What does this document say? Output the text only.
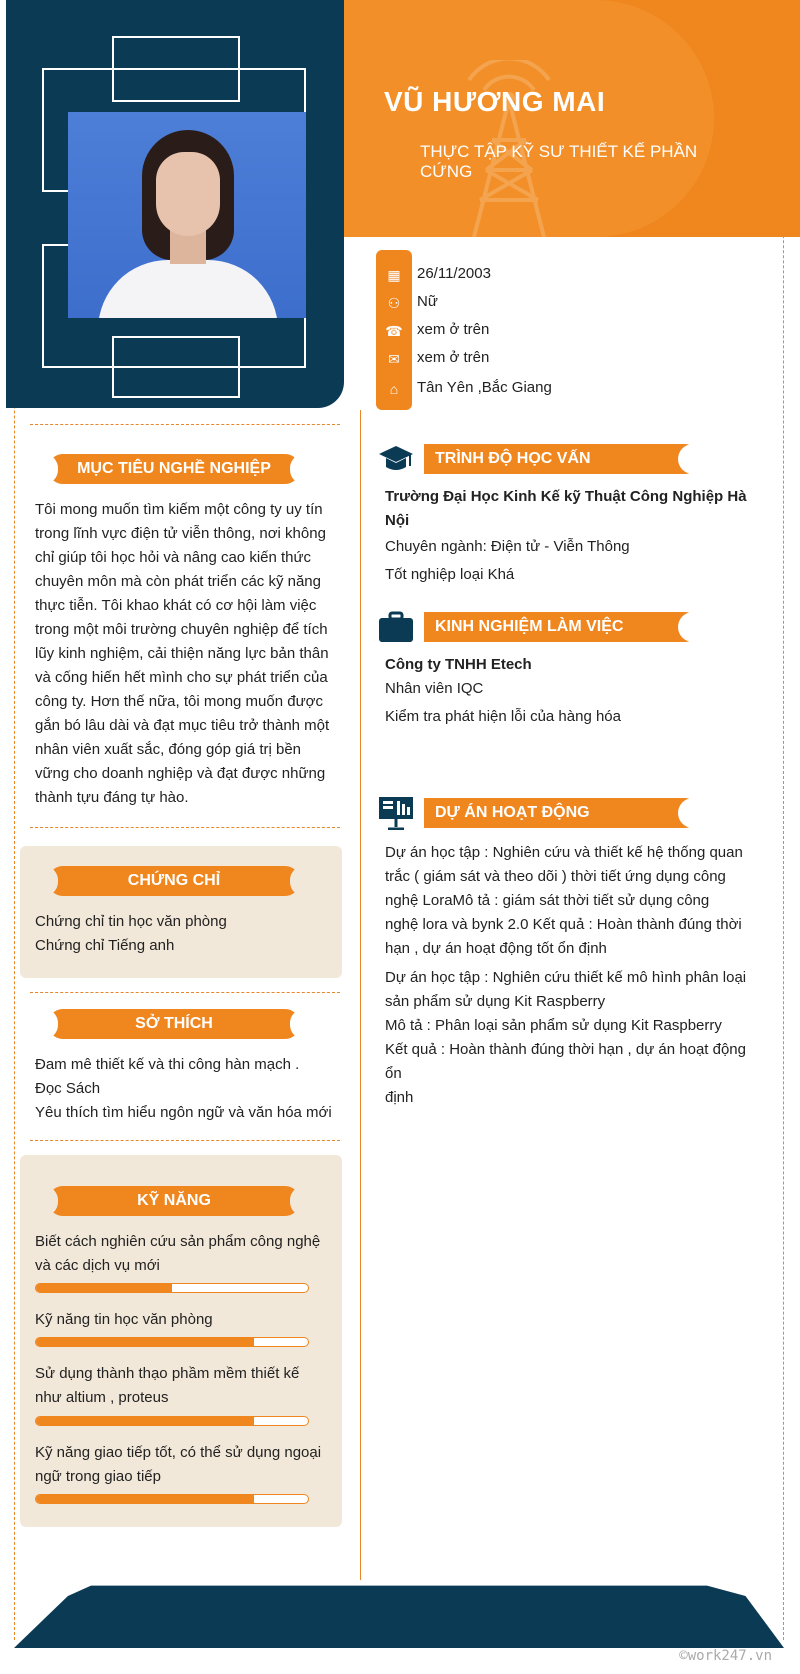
VŨ HƯƠNG MAI
THỰC TẬP KỸ SƯ THIẾT KẾ PHẦN CỨNG
▦ 26/11/2003
⚇ Nữ
☎ xem ở trên
✉ xem ở trên
⌂	Tân Yên ,Bắc Giang
MỤC TIÊU NGHỀ NGHIỆP

Tôi mong muốn tìm kiếm một công ty uy tín

trong lĩnh vực điện tử viễn thông, nơi không

chỉ giúp tôi học hỏi và nâng cao kiến thức

chuyên môn mà còn phát triển các kỹ năng

thực tiễn. Tôi khao khát có cơ hội làm việc

trong một môi trường chuyên nghiệp để tích

lũy kinh nghiệm, cải thiện năng lực bản thân

và cống hiến hết mình cho sự phát triển của

công ty. Hơn thế nữa, tôi mong muốn được

gắn bó lâu dài và đạt mục tiêu trở thành một

nhân viên xuất sắc, đóng góp giá trị bền

vững cho doanh nghiệp và đạt được những

thành tựu đáng tự hào.

CHỨNG CHỈ

Chứng chỉ tin học văn phòng

Chứng chỉ Tiếng anh

SỞ THÍCH

Đam mê thiết kế và thi công hàn mạch .

Đọc Sách

Yêu thích tìm hiểu ngôn ngữ và văn hóa mới

KỸ NĂNG

Biết cách nghiên cứu sản phẩm công nghệ

và các dịch vụ mới

Kỹ năng tin học văn phòng

Sử dụng thành thạo phầm mềm thiết kế

như altium , proteus

Kỹ năng giao tiếp tốt, có thể sử dụng ngoại

ngữ trong giao tiếp

TRÌNH ĐỘ HỌC VẤN
Trường Đại Học Kinh Kế kỹ Thuật Công Nghiệp Hà
Nội
Chuyên ngành: Điện tử - Viễn Thông
Tốt nghiệp loại Khá
KINH NGHIỆM LÀM VIỆC
Công ty TNHH Etech
Nhân viên IQC
Kiểm tra phát hiện lỗi của hàng hóa
DỰ ÁN HOẠT ĐỘNG
Dự án học tập : Nghiên cứu và thiết kế hệ thống quan
trắc ( giám sát và theo dõi ) thời tiết ứng dụng công
nghệ LoraMô tả : giám sát thời tiết sử dụng công
nghệ lora và bynk 2.0 Kết quả : Hoàn thành đúng thời
hạn , dự án hoạt động tốt ổn định
Dự án học tập : Nghiên cứu thiết kế mô hình phân loại
sản phẩm sử dụng Kit Raspberry
Mô tả : Phân loại sản phẩm sử dụng Kit Raspberry
Kết quả : Hoàn thành đúng thời hạn , dự án hoạt động ổn
định
©work247.vn
